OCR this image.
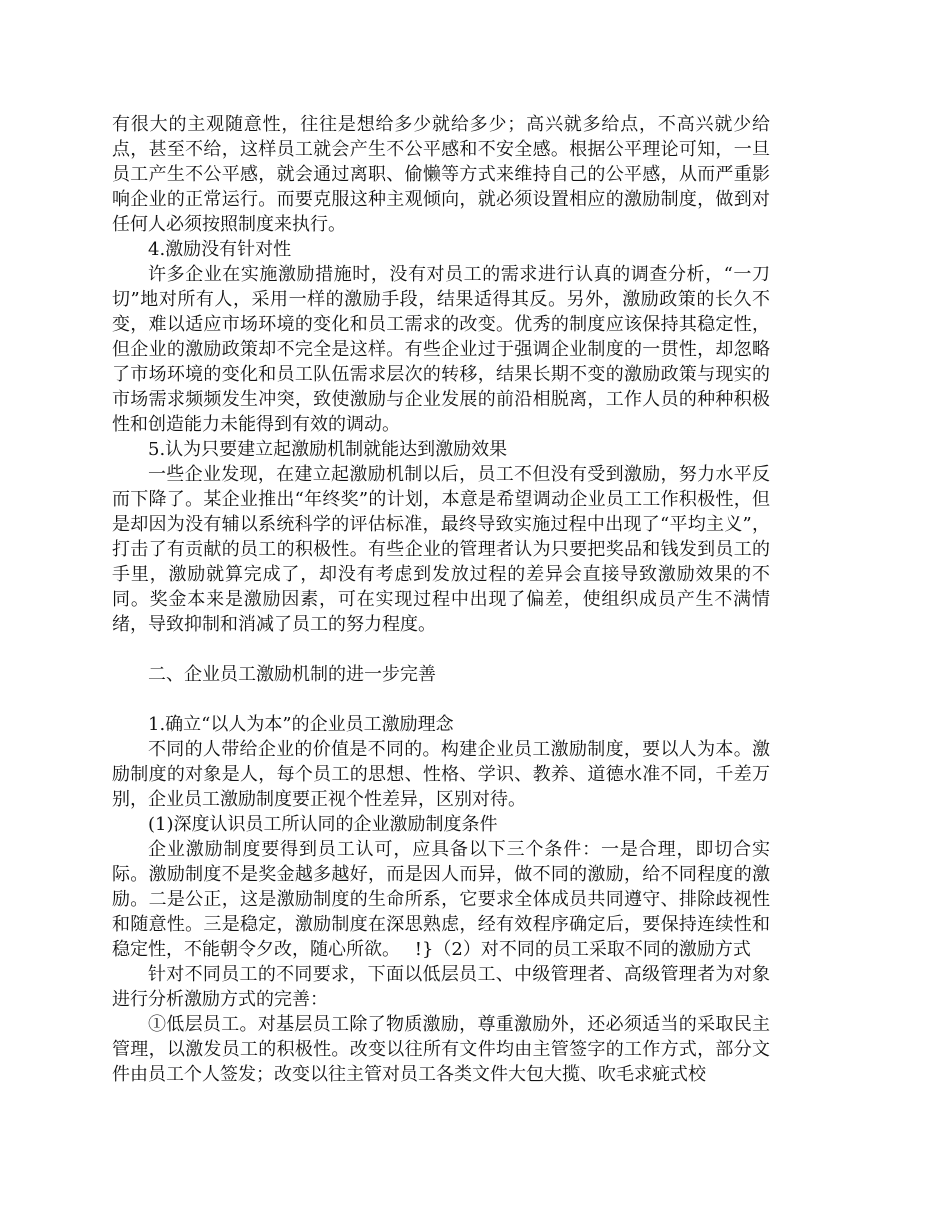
有很大的主观随意性，往往是想给多少就给多少；高兴就多给点，不高兴就少给点，甚至不给，这样员工就会产生不公平感和不安全感。根据公平理论可知，一旦员工产生不公平感，就会通过离职、偷懒等方式来维持自己的公平感，从而严重影响企业的正常运行。而要克服这种主观倾向，就必须设置相应的激励制度，做到对任何人必须按照制度来执行。

4.激励没有针对性

许多企业在实施激励措施时，没有对员工的需求进行认真的调查分析，“一刀切”地对所有人，采用一样的激励手段，结果适得其反。另外，激励政策的长久不变，难以适应市场环境的变化和员工需求的改变。优秀的制度应该保持其稳定性，但企业的激励政策却不完全是这样。有些企业过于强调企业制度的一贯性，却忽略了市场环境的变化和员工队伍需求层次的转移，结果长期不变的激励政策与现实的市场需求频频发生冲突，致使激励与企业发展的前沿相脱离，工作人员的种种积极性和创造能力未能得到有效的调动。

5.认为只要建立起激励机制就能达到激励效果

一些企业发现，在建立起激励机制以后，员工不但没有受到激励，努力水平反而下降了。某企业推出“年终奖”的计划，本意是希望调动企业员工工作积极性，但是却因为没有辅以系统科学的评估标准，最终导致实施过程中出现了“平均主义”，打击了有贡献的员工的积极性。有些企业的管理者认为只要把奖品和钱发到员工的手里，激励就算完成了，却没有考虑到发放过程的差异会直接导致激励效果的不同。奖金本来是激励因素，可在实现过程中出现了偏差，使组织成员产生不满情绪，导致抑制和消减了员工的努力程度。

二、企业员工激励机制的进一步完善

1.确立“以人为本”的企业员工激励理念

不同的人带给企业的价值是不同的。构建企业员工激励制度，要以人为本。激励制度的对象是人，每个员工的思想、性格、学识、教养、道德水准不同，千差万别，企业员工激励制度要正视个性差异，区别对待。

(1)深度认识员工所认同的企业激励制度条件

企业激励制度要得到员工认可，应具备以下三个条件：一是合理，即切合实际。激励制度不是奖金越多越好，而是因人而异，做不同的激励，给不同程度的激励。二是公正，这是激励制度的生命所系，它要求全体成员共同遵守、排除歧视性和随意性。三是稳定，激励制度在深思熟虑，经有效程序确定后，要保持连续性和稳定性，不能朝令夕改，随心所欲。　 !}（2）对不同的员工采取不同的激励方式

针对不同员工的不同要求，下面以低层员工、中级管理者、高级管理者为对象进行分析激励方式的完善：

①低层员工。对基层员工除了物质激励，尊重激励外，还必须适当的采取民主管理，以激发员工的积极性。改变以往所有文件均由主管签字的工作方式，部分文件由员工个人签发；改变以往主管对员工各类文件大包大揽、吹毛求疵式校
